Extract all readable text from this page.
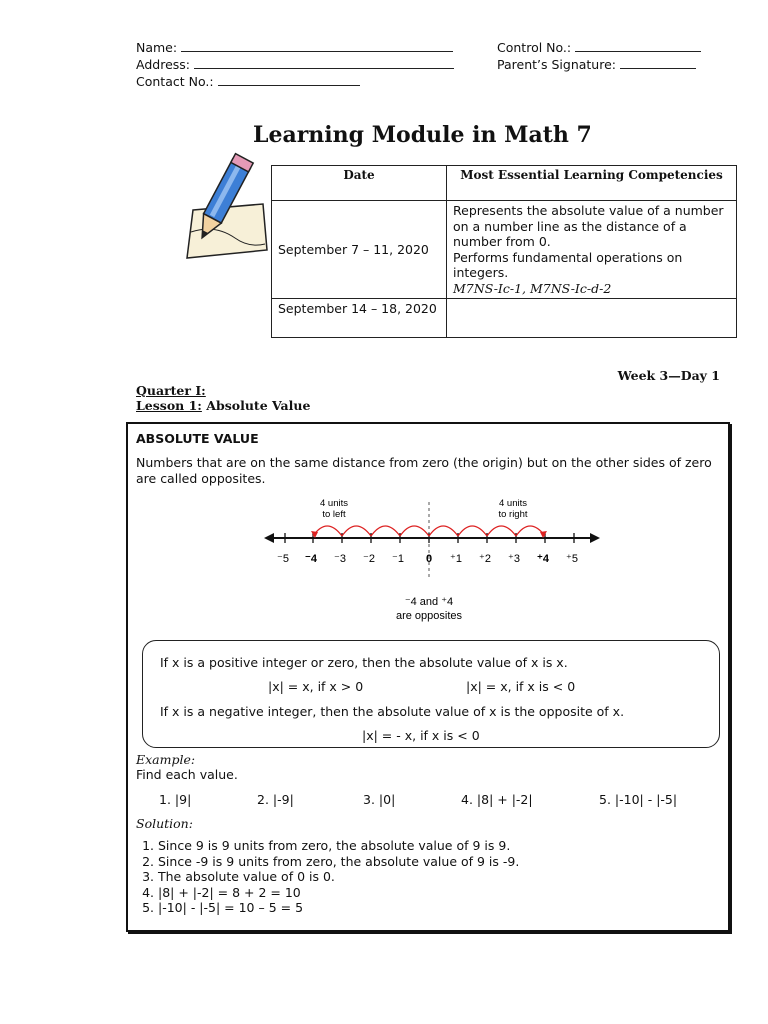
Name:
Address:
Contact No.:
Control No.:
Parent’s Signature:
Learning Module in Math 7
Date	Most Essential Learning Competencies
September 7 – 11, 2020	Represents the absolute value of a number on a number line as the distance of a number from 0.
Performs fundamental operations on integers.
M7NS-Ic-1, M7NS-Ic-d-2

September 14 – 18, 2020	
Week 3—Day 1
Quarter I:
Lesson 1: Absolute Value
ABSOLUTE VALUE
Numbers that are on the same distance from zero (the origin) but on the other sides of zero are called opposites.
4 units
to left
4 units
to right
⁻5 ⁻4 ⁻3 ⁻2 ⁻1 0 ⁺1 ⁺2 ⁺3 ⁺4 ⁺5
⁻4 and ⁺4
are opposites
If x is a positive integer or zero, then the absolute value of x is x.
|x| = x, if x > 0	|x| = x, if x is < 0
If x is a negative integer, then the absolute value of x is the opposite of x.
|x| = - x, if x is < 0
Example:
Find each value.
1. |9|	2. |-9|	3. |0|	4. |8| + |-2|	5. |-10| - |-5|
Solution:
1. Since 9 is 9 units from zero, the absolute value of 9 is 9.
2. Since -9 is 9 units from zero, the absolute value of 9 is -9.
3. The absolute value of 0 is 0.
4. |8| + |-2| = 8 + 2 = 10
5. |-10| - |-5| = 10 – 5 = 5
